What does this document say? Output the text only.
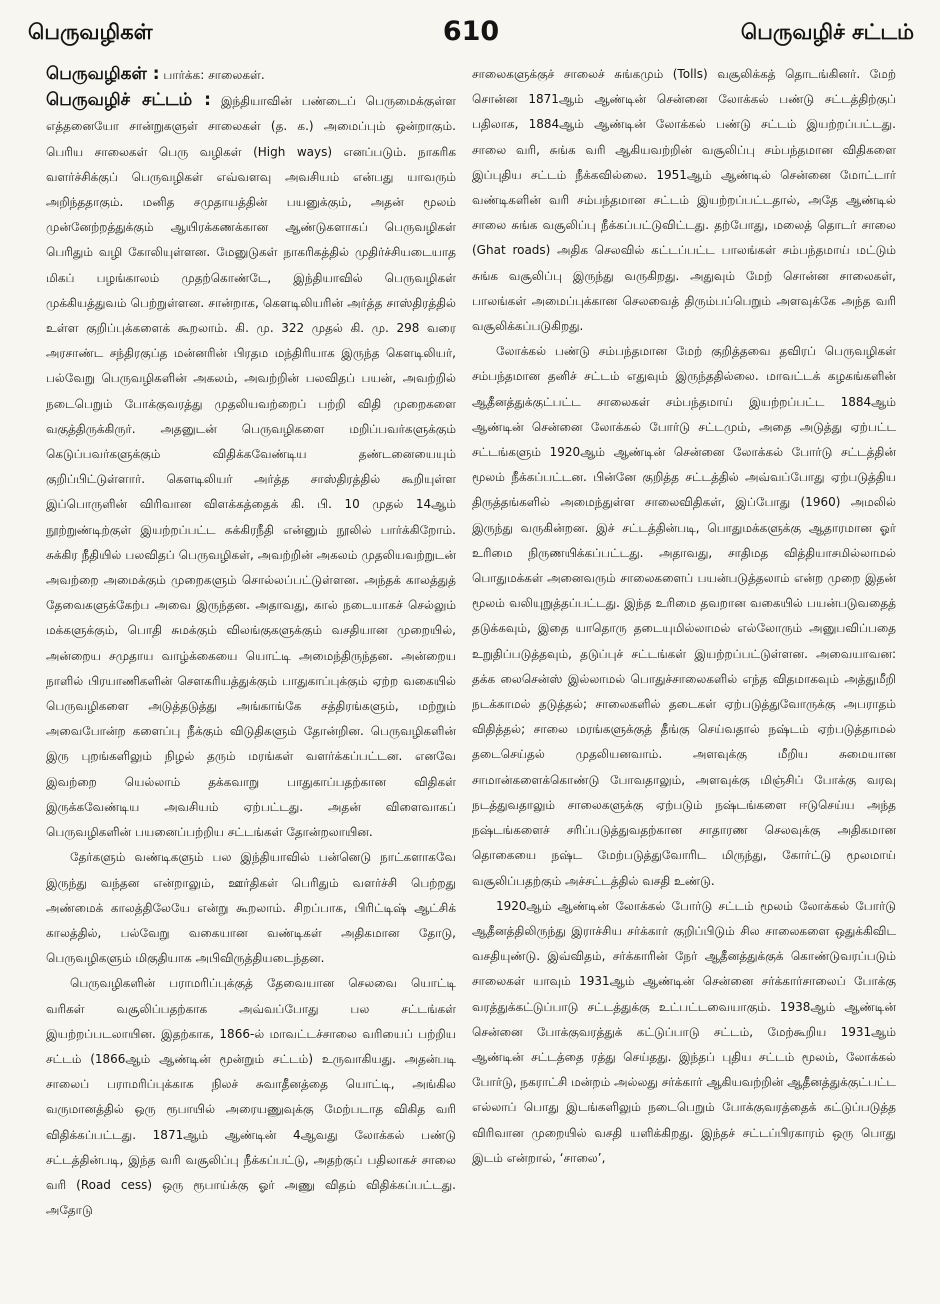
பெருவழிகள்	610	பெருவழிச் சட்டம்

பெருவழிகள் : பார்க்க: சாலைகள்.

பெருவழிச் சட்டம் : இந்தியாவின் பண்டைப் பெருமைக்குள்ள எத்தனையோ சான்றுகளுள் சாலைகள் (த. க.) அமைப்பும் ஒன்றாகும். பெரிய சாலைகள் பெரு வழிகள் (High ways) எனப்படும். நாகரிக வளர்ச்சிக்குப் பெருவழிகள் எவ்வளவு அவசியம் என்பது யாவரும் அறிந்ததாகும். மனித சமுதாயத்தின் பயனுக்கும், அதன் மூலம் முன்னேற்றத்துக்கும் ஆயிரக்கணக்கான ஆண்டுகளாகப் பெருவழிகள் பெரிதும் வழி கோலியுள்ளன. மேனுடுகள் நாகரிகத்தில் முதிர்ச்சியடையாத மிகப் பழங்காலம் முதற்கொண்டே, இந்தியாவில் பெருவழிகள் முக்கியத்துவம் பெற்றுள்ளன. சான்றாக, கௌடிலியரின் அர்த்த சாஸ்திரத்தில் உள்ள குறிப்புக்களைக் கூறலாம். கி. மு. 322 முதல் கி. மு. 298 வரை அரசாண்ட சந்திரகுப்த மன்னரின் பிரதம மந்திரியாக இருந்த கௌடிலியர், பல்வேறு பெருவழிகளின் அகலம், அவற்றின் பலவிதப் பயன், அவற்றில் நடைபெறும் போக்குவரத்து முதலியவற்றைப் பற்றி விதி முறைகளை வகுத்திருக்கிருர். அதனுடன் பெருவழிகளை மறிப்பவர்களுக்கும் கெடுப்பவர்களுக்கும் விதிக்கவேண்டிய தண்டனையையும் குறிப்பிட்டுள்ளார். கௌடிலியர் அர்த்த சாஸ்திரத்தில் கூறியுள்ள இப்பொருளின் விரிவான விளக்கத்தைக் கி. பி. 10 முதல் 14ஆம் நூற்றுண்டிற்குள் இயற்றப்பட்ட சுக்கிரநீதி என்னும் நூலில் பார்க்கிறோம். சுக்கிர நீதியில் பலவிதப் பெருவழிகள், அவற்றின் அகலம் முதலியவற்றுடன் அவற்றை அமைக்கும் முறைகளும் சொல்லப்பட்டுள்ளன. அந்தக் காலத்துத் தேவைகளுக்கேற்ப அவை இருந்தன. அதாவது, கால் நடையாகச் செல்லும் மக்களுக்கும், பொதி சுமக்கும் விலங்குகளுக்கும் வசதியான முறையில், அன்றைய சமுதாய வாழ்க்கையை யொட்டி அமைந்திருந்தன. அன்றைய நாளில் பிரயாணிகளின் சௌகரியத்துக்கும் பாதுகாப்புக்கும் ஏற்ற வகையில் பெருவழிகளை அடுத்தடுத்து அங்காங்கே சத்திரங்களும், மற்றும் அவைபோன்ற களைப்பு நீக்கும் விடுதிகளும் தோன்றின. பெருவழிகளின் இரு புறங்களிலும் நிழல் தரும் மரங்கள் வளர்க்கப்பட்டன. எனவே இவற்றை யெல்லாம் தக்கவாறு பாதுகாப்பதற்கான விதிகள் இருக்கவேண்டிய அவசியம் ஏற்பட்டது. அதன் விளைவாகப் பெருவழிகளின் பயனைப்பற்றிய சட்டங்கள் தோன்றலாயின.

தேர்களும் வண்டிகளும் பல இந்தியாவில் பன்னெடு நாட்களாகவே இருந்து வந்தன என்றாலும், ஊர்திகள் பெரிதும் வளர்ச்சி பெற்றது அண்மைக் காலத்திலேயே என்று கூறலாம். சிறப்பாக, பிரிட்டிஷ் ஆட்சிக் காலத்தில், பல்வேறு வகையான வண்டிகள் அதிகமான தோடு, பெருவழிகளும் மிகுதியாக அபிவிருத்தியடைந்தன.

பெருவழிகளின் பராமரிப்புக்குத் தேவையான செலவை யொட்டி வரிகள் வசூலிப்பதற்காக அவ்வப்போது பல சட்டங்கள் இயற்றப்படலாயின. இதற்காக, 1866-ல் மாவட்டச்சாலை வரியைப் பற்றிய சட்டம் (1866ஆம் ஆண்டின் மூன்றும் சட்டம்) உருவாகியது. அதன்படி சாலைப் பராமரிப்புக்காக நிலச் சுவாதீனத்தை யொட்டி, அங்கில வருமானத்தில் ஒரு ரூபாயில் அரையணுவுக்கு மேற்படாத விகித வரி விதிக்கப்பட்டது. 1871ஆம் ஆண்டின் 4ஆவது லோக்கல் பண்டு சட்டத்தின்படி, இந்த வரி வசூலிப்பு நீக்கப்பட்டு, அதற்குப் பதிலாகச் சாலை வரி (Road cess) ஒரு ரூபாய்க்கு ஓர் அணு விதம் விதிக்கப்பட்டது. அதோடு

சாலைகளுக்குச் சாலைச் சுங்கமும் (Tolls) வசூலிக்கத் தொடங்கினர். மேற் சொன்ன 1871ஆம் ஆண்டின் சென்னை லோக்கல் பண்டு சட்டத்திற்குப் பதிலாக, 1884ஆம் ஆண்டின் லோக்கல் பண்டு சட்டம் இயற்றப்பட்டது. சாலை வரி, சுங்க வரி ஆகியவற்றின் வசூலிப்பு சம்பந்தமான விதிகளை இப்புதிய சட்டம் நீக்கவில்லை. 1951ஆம் ஆண்டில் சென்னை மோட்டார் வண்டிகளின் வரி சம்பந்தமான சட்டம் இயற்றப்பட்டதால், அதே ஆண்டில் சாலை சுங்க வசூலிப்பு நீக்கப்பட்டுவிட்டது. தற்போது, மலைத் தொடர் சாலை (Ghat roads) அதிக செலவில் கட்டப்பட்ட பாலங்கள் சம்பந்தமாய் மட்டும் சுங்க வசூலிப்பு இருந்து வருகிறது. அதுவும் மேற் சொன்ன சாலைகள், பாலங்கள் அமைப்புக்கான செலவைத் திரும்பப்பெறும் அளவுக்கே அந்த வரி வசூலிக்கப்படுகிறது.

லோக்கல் பண்டு சம்பந்தமான மேற் குறித்தவை தவிரப் பெருவழிகள் சம்பந்தமான தனிச் சட்டம் எதுவும் இருந்ததில்லை. மாவட்டக் கழகங்களின் ஆதீனத்துக்குட்பட்ட சாலைகள் சம்பந்தமாய் இயற்றப்பட்ட 1884ஆம் ஆண்டின் சென்னை லோக்கல் போர்டு சட்டமும், அதை அடுத்து ஏற்பட்ட சட்டங்களும் 1920ஆம் ஆண்டின் சென்னை லோக்கல் போர்டு சட்டத்தின் மூலம் நீக்கப்பட்டன. பின்னே குறித்த சட்டத்தில் அவ்வப்போது ஏற்படுத்திய திருத்தங்களில் அமைந்துள்ள சாலைவிதிகள், இப்போது (1960) அமலில் இருந்து வருகின்றன. இச் சட்டத்தின்படி, பொதுமக்களுக்கு ஆதாரமான ஓர் உரிமை நிருணயிக்கப்பட்டது. அதாவது, சாதிமத வித்தியாசமில்லாமல் பொதுமக்கள் அனைவரும் சாலைகளைப் பயன்படுத்தலாம் என்ற முறை இதன் மூலம் வலியுறுத்தப்பட்டது. இந்த உரிமை தவறான வகையில் பயன்படுவதைத் தடுக்கவும், இதை யாதொரு தடையுமில்லாமல் எல்லோரும் அனுபவிப்பதை உறுதிப்படுத்தவும், தடுப்புச் சட்டங்கள் இயற்றப்பட்டுள்ளன. அவையாவன: தக்க லைசென்ஸ் இல்லாமல் பொதுச்சாலைகளில் எந்த விதமாகவும் அத்துமீறி நடக்காமல் தடுத்தல்; சாலைகளில் தடைகள் ஏற்படுத்துவோருக்கு அபராதம் விதித்தல்; சாலை மரங்களுக்குத் தீங்கு செய்வதால் நஷ்டம் ஏற்படுத்தாமல் தடைசெய்தல் முதலியனவாம். அளவுக்கு மீறிய சுமையான சாமான்களைக்கொண்டு போவதாலும், அளவுக்கு மிஞ்சிப் போக்கு வரவு நடத்துவதாலும் சாலைகளுக்கு ஏற்படும் நஷ்டங்களை ஈடுசெய்ய அந்த நஷ்டங்களைச் சரிப்படுத்துவதற்கான சாதாரண செலவுக்கு அதிகமான தொகையை நஷ்ட மேற்படுத்துவோரிட மிருந்து, கோர்ட்டு மூலமாய் வசூலிப்பதற்கும் அச்சட்டத்தில் வசதி உண்டு.

1920ஆம் ஆண்டின் லோக்கல் போர்டு சட்டம் மூலம் லோக்கல் போர்டு ஆதீனத்திலிருந்து இராச்சிய சர்க்கார் குறிப்பிடும் சில சாலைகளை ஒதுக்கிவிட வசதியுண்டு. இவ்விதம், சர்க்காரின் நேர் ஆதீனத்துக்குக் கொண்டுவரப்படும் சாலைகள் யாவும் 1931ஆம் ஆண்டின் சென்னை சர்க்கார்சாலைப் போக்கு வரத்துக்கட்டுப்பாடு சட்டத்துக்கு உட்பட்டவையாகும். 1938ஆம் ஆண்டின் சென்னை போக்குவரத்துக் கட்டுப்பாடு சட்டம், மேற்கூறிய 1931ஆம் ஆண்டின் சட்டத்தை ரத்து செய்தது. இந்தப் புதிய சட்டம் மூலம், லோக்கல் போர்டு, நகராட்சி மன்றம் அல்லது சர்க்கார் ஆகியவற்றின் ஆதீனத்துக்குட்பட்ட எல்லாப் பொது இடங்களிலும் நடைபெறும் போக்குவரத்தைக் கட்டுப்படுத்த விரிவான முறையில் வசதி யளிக்கிறது. இந்தச் சட்டப்பிரகாரம் ஒரு பொது இடம் என்றால், ‘சாலை’,
